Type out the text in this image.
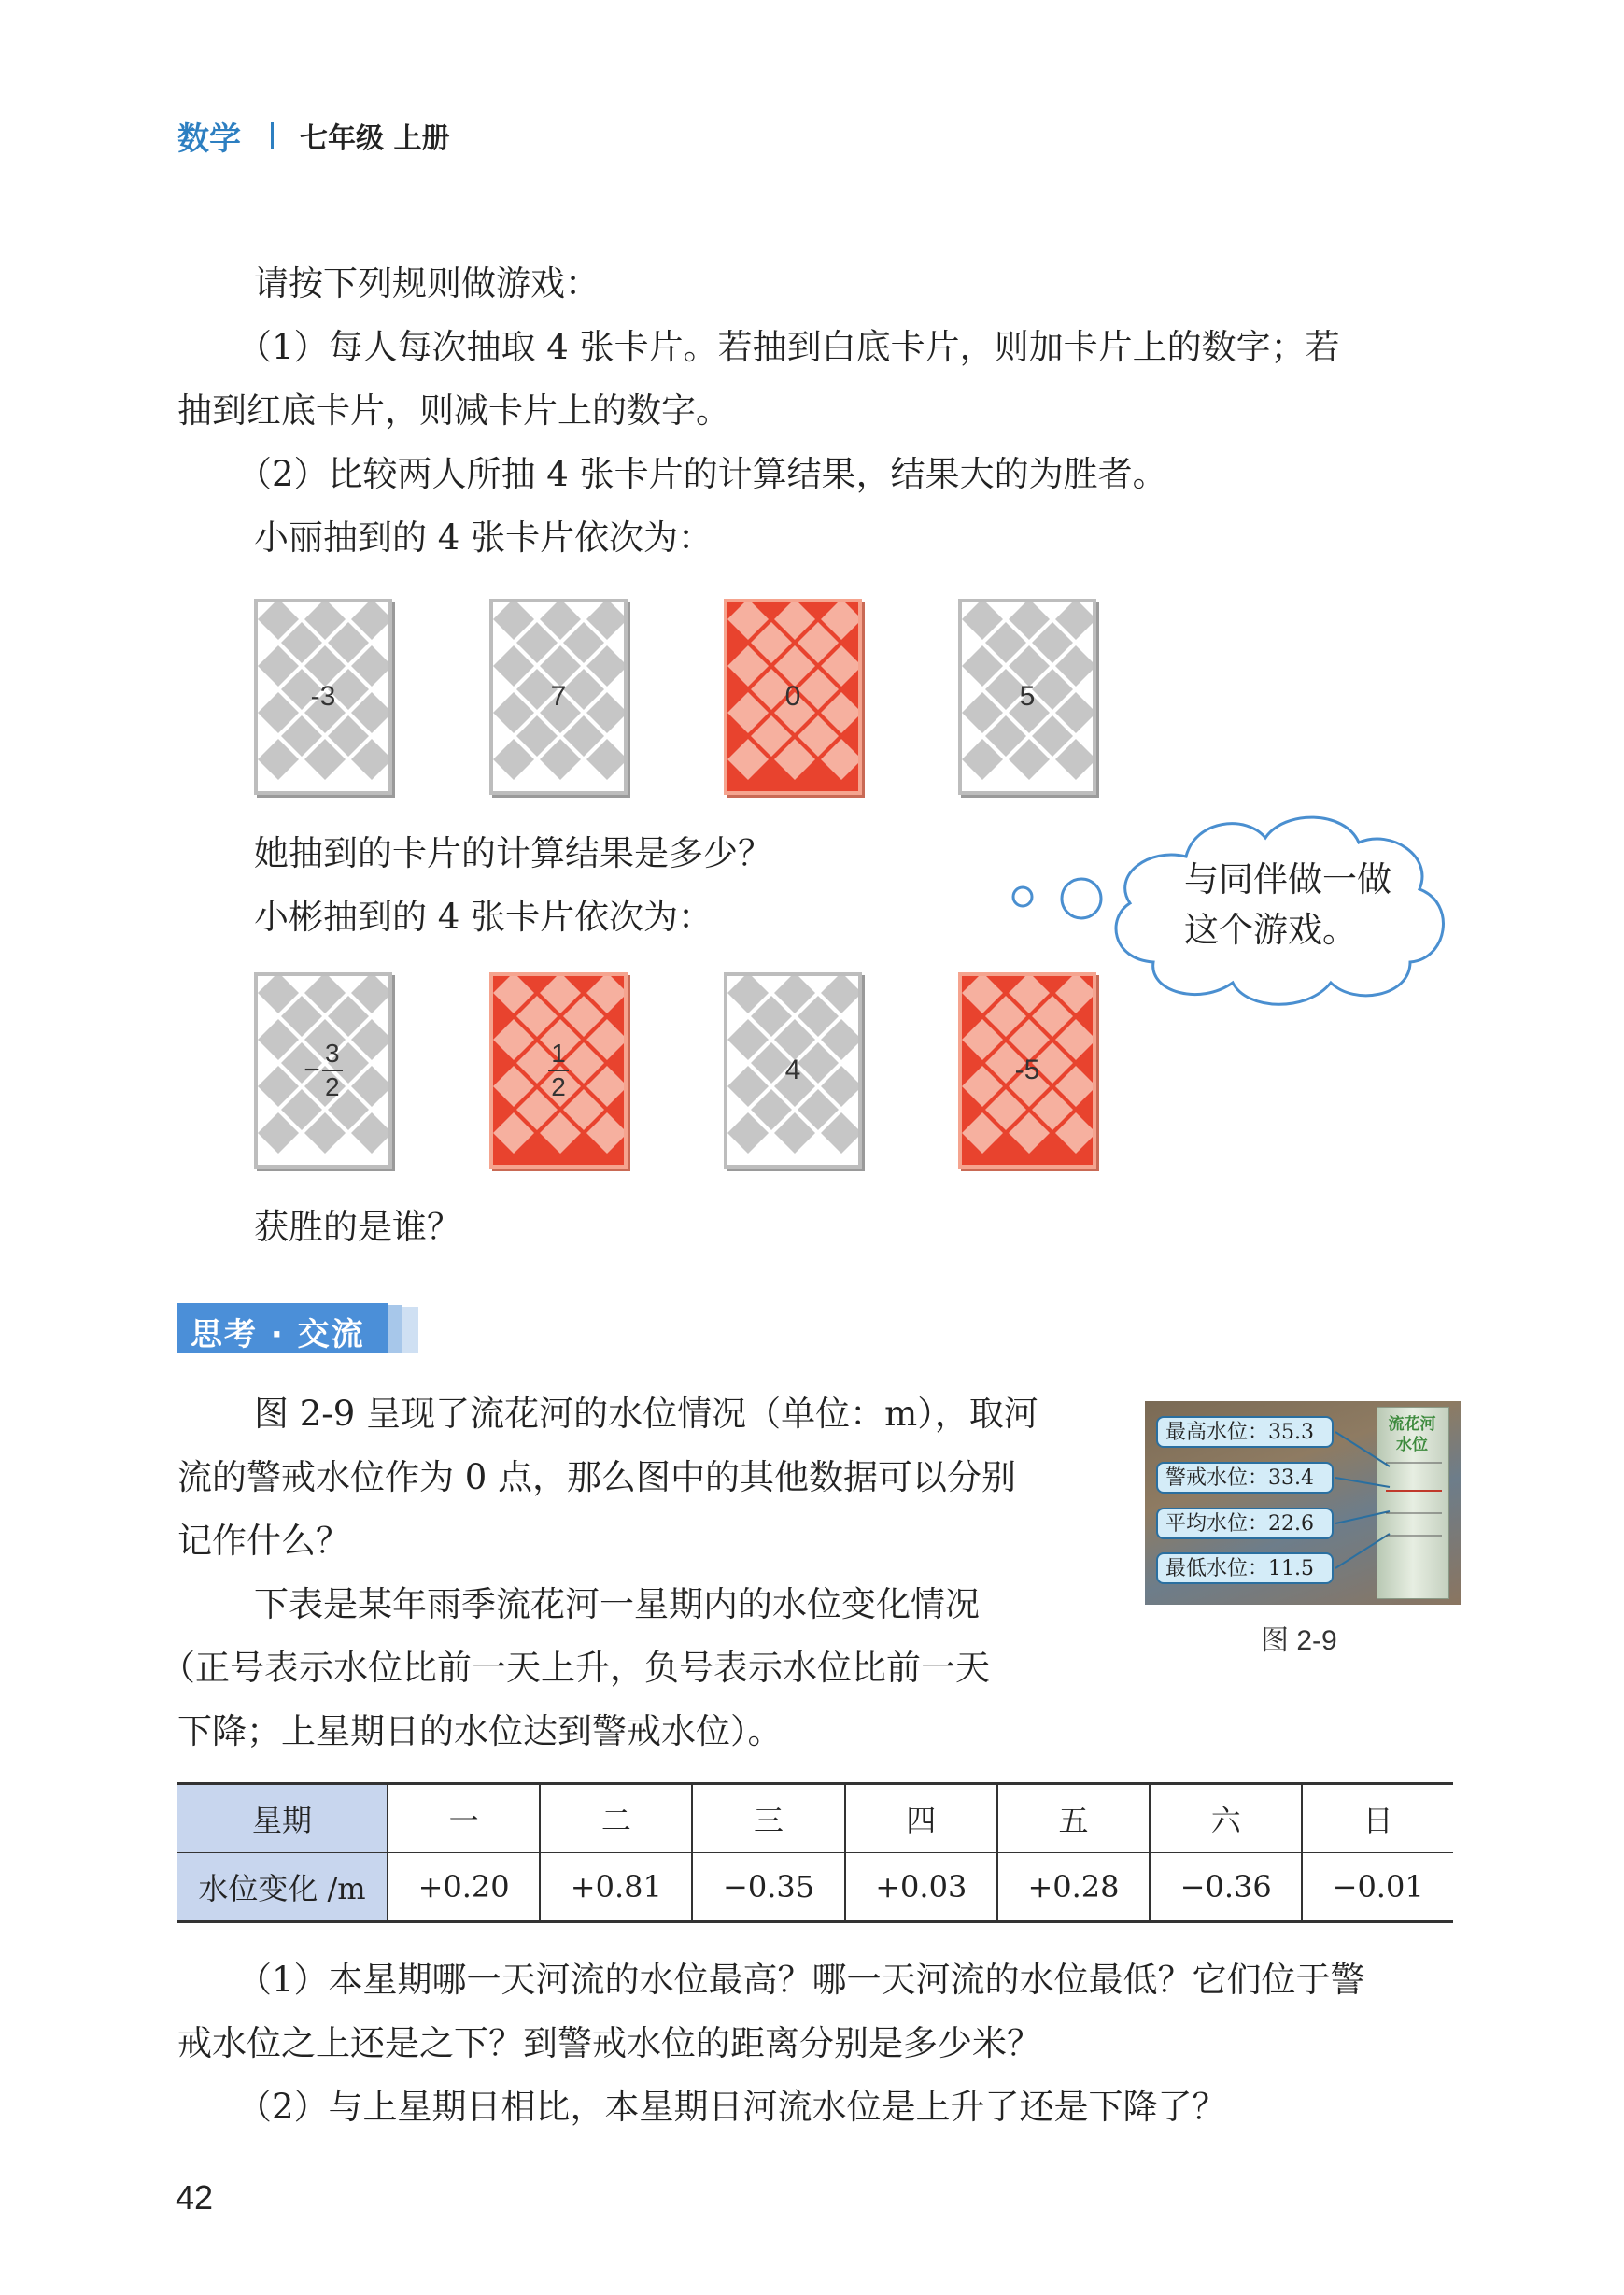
数学 七年级 上册
请按下列规则做游戏：
（1）每人每次抽取 4 张卡片。若抽到白底卡片，则加卡片上的数字；若
抽到红底卡片，则减卡片上的数字。
（2）比较两人所抽 4 张卡片的计算结果，结果大的为胜者。
小丽抽到的 4 张卡片依次为：
-3	7	0	5
她抽到的卡片的计算结果是多少？
小彬抽到的 4 张卡片依次为：
与同伴做一做
这个游戏。
− $\frac{3}{2}$	$\frac{1}{2}$	4	-5
获胜的是谁？
思考 · 交流
图 2-9 呈现了流花河的水位情况（单位：m），取河
流的警戒水位作为 0 点，那么图中的其他数据可以分别
记作什么？
下表是某年雨季流花河一星期内的水位变化情况
（正号表示水位比前一天上升，负号表示水位比前一天
下降；上星期日的水位达到警戒水位）。
流花河
水位
最高水位：35.3
警戒水位：33.4
平均水位：22.6
最低水位：11.5
图 2-9
星期	一	二	三	四	五	六	日
水位变化 /m	+0.20	+0.81	−0.35	+0.03	+0.28	−0.36	−0.01
（1）本星期哪一天河流的水位最高？哪一天河流的水位最低？它们位于警
戒水位之上还是之下？到警戒水位的距离分别是多少米？
（2）与上星期日相比，本星期日河流水位是上升了还是下降了？
42
